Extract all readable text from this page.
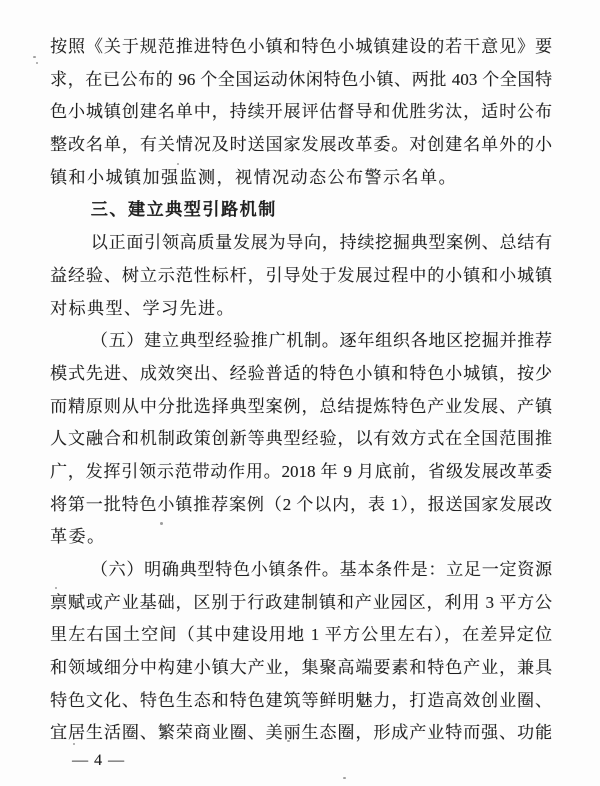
按照《关于规范推进特色小镇和特色小城镇建设的若干意见》要
求，在已公布的 96 个全国运动休闲特色小镇、两批 403 个全国特
色小城镇创建名单中，持续开展评估督导和优胜劣汰，适时公布
整改名单，有关情况及时送国家发展改革委。对创建名单外的小
镇和小城镇加强监测，视情况动态公布警示名单。
三、建立典型引路机制
以正面引领高质量发展为导向，持续挖掘典型案例、总结有
益经验、树立示范性标杆，引导处于发展过程中的小镇和小城镇
对标典型、学习先进。
（五）建立典型经验推广机制。逐年组织各地区挖掘并推荐
模式先进、成效突出、经验普适的特色小镇和特色小城镇，按少
而精原则从中分批选择典型案例，总结提炼特色产业发展、产镇
人文融合和机制政策创新等典型经验，以有效方式在全国范围推
广，发挥引领示范带动作用。2018 年 9 月底前，省级发展改革委
将第一批特色小镇推荐案例（2 个以内，表 1），报送国家发展改
革委。
（六）明确典型特色小镇条件。基本条件是：立足一定资源
禀赋或产业基础，区别于行政建制镇和产业园区，利用 3 平方公
里左右国土空间（其中建设用地 1 平方公里左右），在差异定位
和领域细分中构建小镇大产业，集聚高端要素和特色产业，兼具
特色文化、特色生态和特色建筑等鲜明魅力，打造高效创业圈、
宜居生活圈、繁荣商业圈、美丽生态圈，形成产业特而强、功能
— 4 —
